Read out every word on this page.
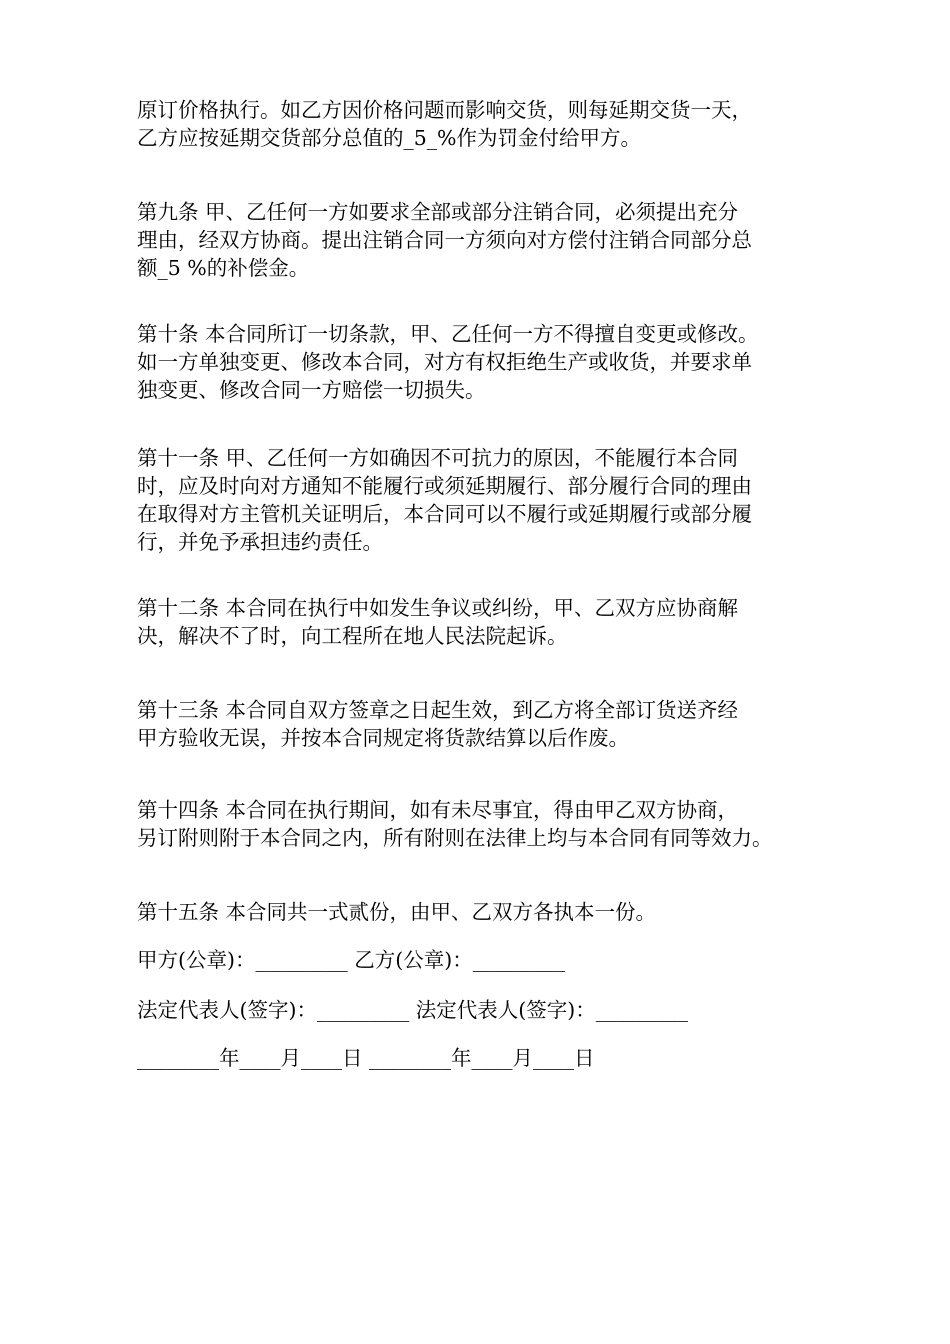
原订价格执行。如乙方因价格问题而影响交货，则每延期交货一天，
乙方应按延期交货部分总值的_5_%作为罚金付给甲方。
第九条 甲、乙任何一方如要求全部或部分注销合同，必须提出充分
理由，经双方协商。提出注销合同一方须向对方偿付注销合同部分总
额_5 %的补偿金。
第十条 本合同所订一切条款，甲、乙任何一方不得擅自变更或修改。
如一方单独变更、修改本合同，对方有权拒绝生产或收货，并要求单
独变更、修改合同一方赔偿一切损失。
第十一条 甲、乙任何一方如确因不可抗力的原因，不能履行本合同
时，应及时向对方通知不能履行或须延期履行、部分履行合同的理由
在取得对方主管机关证明后，本合同可以不履行或延期履行或部分履
行，并免予承担违约责任。
第十二条 本合同在执行中如发生争议或纠纷，甲、乙双方应协商解
决，解决不了时，向工程所在地人民法院起诉。
第十三条 本合同自双方签章之日起生效，到乙方将全部订货送齐经
甲方验收无误，并按本合同规定将货款结算以后作废。
第十四条 本合同在执行期间，如有未尽事宜，得由甲乙双方协商，
另订附则附于本合同之内，所有附则在法律上均与本合同有同等效力。
第十五条 本合同共一式贰份，由甲、乙双方各执本一份。
甲方(公章)：_________ 乙方(公章)：_________
法定代表人(签字)：_________ 法定代表人(签字)：_________
________年____月____日 ________年____月____日
